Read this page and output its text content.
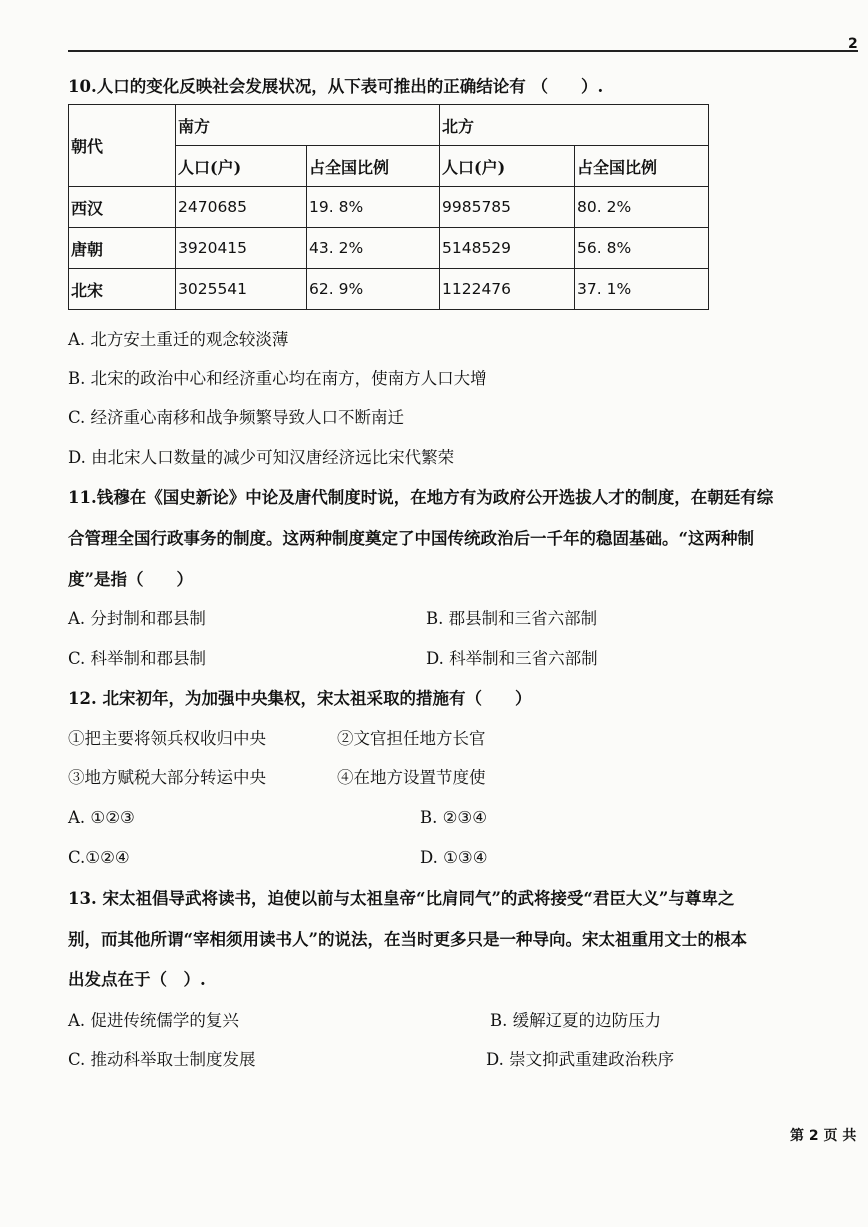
2
10.人口的变化反映社会发展状况，从下表可推出的正确结论有 （　　）.
朝代	南方		北方	
	人口(户)	占全国比例	人口(户)	占全国比例
西汉	2470685	19. 8%	9985785	80. 2%
唐朝	3920415	43. 2%	5148529	56. 8%
北宋	3025541	62. 9%	1122476	37. 1%
A. 北方安土重迁的观念较淡薄
B. 北宋的政治中心和经济重心均在南方，使南方人口大增
C. 经济重心南移和战争频繁导致人口不断南迁
D. 由北宋人口数量的减少可知汉唐经济远比宋代繁荣
11.钱穆在《国史新论》中论及唐代制度时说，在地方有为政府公开选拔人才的制度，在朝廷有综
合管理全国行政事务的制度。这两种制度奠定了中国传统政治后一千年的稳固基础。“这两种制
度”是指（　　）
A. 分封制和郡县制	B. 郡县制和三省六部制
C. 科举制和郡县制	D. 科举制和三省六部制
12. 北宋初年，为加强中央集权，宋太祖采取的措施有（　　）
①把主要将领兵权收归中央	②文官担任地方长官
③地方赋税大部分转运中央	④在地方设置节度使
A. ①②③	B. ②③④
C.①②④	D. ①③④
13. 宋太祖倡导武将读书，迫使以前与太祖皇帝“比肩同气”的武将接受“君臣大义”与尊卑之
别，而其他所谓“宰相须用读书人”的说法，在当时更多只是一种导向。宋太祖重用文士的根本
出发点在于（　）.
A. 促进传统儒学的复兴	B. 缓解辽夏的边防压力
C. 推动科举取士制度发展	D. 崇文抑武重建政治秩序
第 2 页 共
